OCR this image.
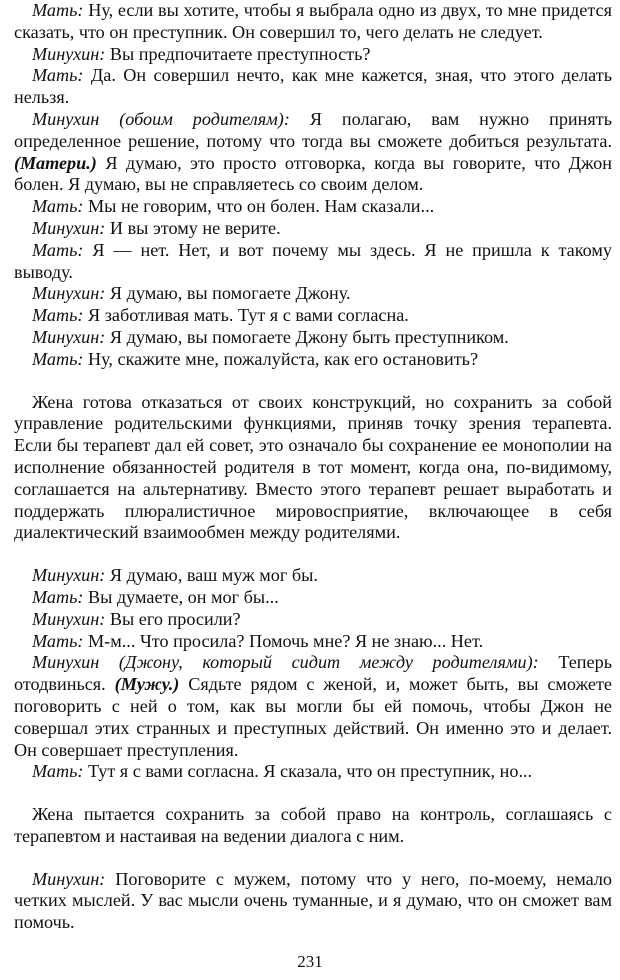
Мать: Ну, если вы хотите, чтобы я выбрала одно из двух, то мне придется сказать, что он преступник. Он совершил то, чего делать не следует.

Минухин: Вы предпочитаете преступность?

Мать: Да. Он совершил нечто, как мне кажется, зная, что этого делать нельзя.

Минухин (обоим родителям): Я полагаю, вам нужно принять определенное решение, потому что тогда вы сможете добиться результата. (Матери.) Я думаю, это просто отговорка, когда вы говорите, что Джон болен. Я думаю, вы не справляетесь со своим делом.

Мать: Мы не говорим, что он болен. Нам сказали...

Минухин: И вы этому не верите.

Мать: Я — нет. Нет, и вот почему мы здесь. Я не пришла к такому выводу.

Минухин: Я думаю, вы помогаете Джону.

Мать: Я заботливая мать. Тут я с вами согласна.

Минухин: Я думаю, вы помогаете Джону быть преступником.

Мать: Ну, скажите мне, пожалуйста, как его остановить?

Жена готова отказаться от своих конструкций, но сохранить за собой управление родительскими функциями, приняв точку зрения терапевта. Если бы терапевт дал ей совет, это означало бы сохранение ее монополии на исполнение обязанностей родителя в тот момент, когда она, по-видимому, соглашается на альтернативу. Вместо этого терапевт решает выработать и поддержать плюралистичное мировосприятие, включающее в себя диалектический взаимообмен между родителями.

Минухин: Я думаю, ваш муж мог бы.

Мать: Вы думаете, он мог бы...

Минухин: Вы его просили?

Мать: М-м... Что просила? Помочь мне? Я не знаю... Нет.

Минухин (Джону, который сидит между родителями): Теперь отодвинься. (Мужу.) Сядьте рядом с женой, и, может быть, вы сможете поговорить с ней о том, как вы могли бы ей помочь, чтобы Джон не совершал этих странных и преступных действий. Он именно это и делает. Он совершает преступления.

Мать: Тут я с вами согласна. Я сказала, что он преступник, но...

Жена пытается сохранить за собой право на контроль, соглашаясь с терапевтом и настаивая на ведении диалога с ним.

Минухин: Поговорите с мужем, потому что у него, по-моему, немало четких мыслей. У вас мысли очень туманные, и я думаю, что он сможет вам помочь.

231
